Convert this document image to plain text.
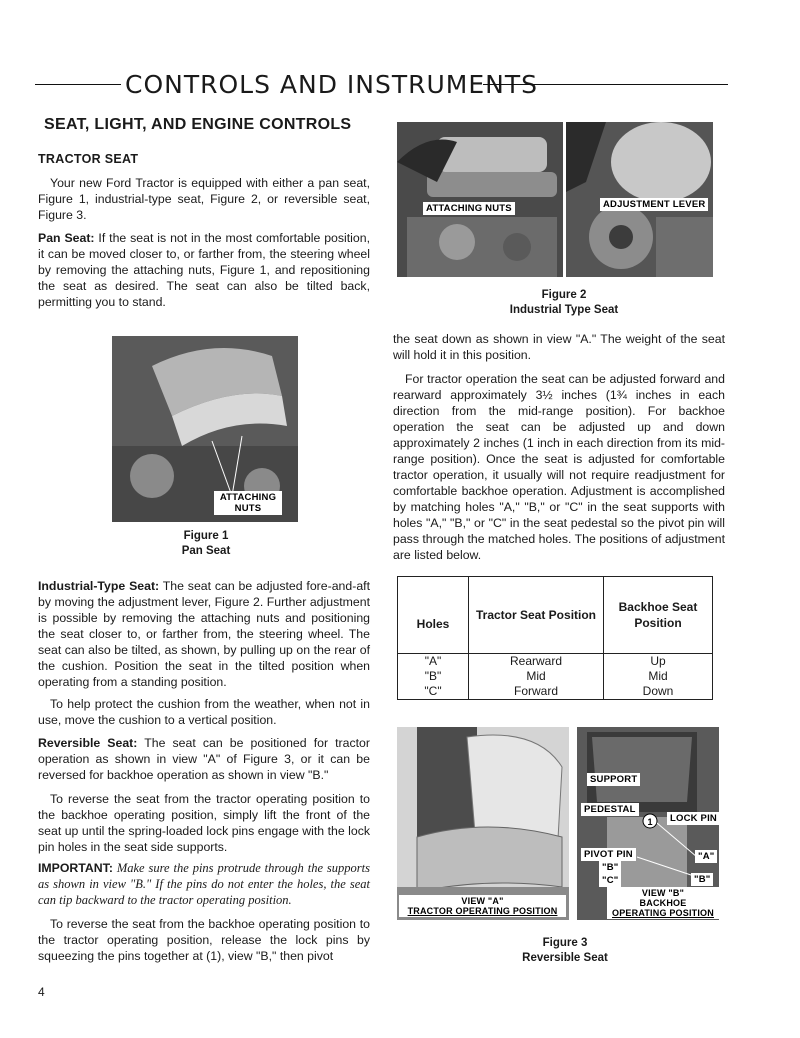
CONTROLS AND INSTRUMENTS
SEAT, LIGHT, AND ENGINE CONTROLS
TRACTOR SEAT

Your new Ford Tractor is equipped with either a pan seat, Figure 1, industrial-type seat, Figure 2, or reversible seat, Figure 3.

Pan Seat: If the seat is not in the most comfortable position, it can be moved closer to, or farther from, the steering wheel by removing the attaching nuts, Figure 1, and repositioning the seat as desired. The seat can also be tilted back, permitting you to stand.

ATTACHING NUTS	ADJUSTMENT LEVER
Figure 2
Industrial Type Seat
ATTACHING NUTS
Figure 1
Pan Seat

the seat down as shown in view "A." The weight of the seat will hold it in this position.

For tractor operation the seat can be adjusted forward and rearward approximately 3½ inches (1¾ inches in each direction from the mid-range position). For backhoe operation the seat can be adjusted up and down approximately 2 inches (1 inch in each direction from its mid-range position). Once the seat is adjusted for comfortable tractor operation, it usually will not require readjustment for comfortable backhoe operation. Adjustment is accomplished by matching holes "A," "B," or "C" in the seat supports with holes "A," "B," or "C" in the seat pedestal so the pivot pin will pass through the matched holes. The positions of adjustment are listed below.

Holes	Tractor Seat Position	Backhoe Seat Position
"A"	Rearward	Up
"B"	Mid	Mid
"C"	Forward	Down

Industrial-Type Seat: The seat can be adjusted fore-and-aft by moving the adjustment lever, Figure 2. Further adjustment is possible by removing the attaching nuts and positioning the seat closer to, or farther from, the steering wheel. The seat can also be tilted, as shown, by pulling up on the rear of the cushion. Position the seat in the tilted position when operating from a standing position.

To help protect the cushion from the weather, when not in use, move the cushion to a vertical position.

Reversible Seat: The seat can be positioned for tractor operation as shown in view "A" of Figure 3, or it can be reversed for backhoe operation as shown in view "B."

To reverse the seat from the tractor operating position to the backhoe operating position, simply lift the front of the seat up until the spring-loaded lock pins engage with the lock pin holes in the seat side supports.

IMPORTANT: Make sure the pins protrude through the supports as shown in view "B." If the pins do not enter the holes, the seat can tip backward to the tractor operating position.

To reverse the seat from the backhoe operating position to the tractor operating position, release the lock pins by squeezing the pins together at (1), view "B," then pivot

VIEW "A"
TRACTOR OPERATING POSITION
SUPPORT
PEDESTAL
1	LOCK PIN
PIVOT PIN
"B"
"C"
"A"
"B"
VIEW "B"
BACKHOE
OPERATING POSITION
Figure 3
Reversible Seat
4
